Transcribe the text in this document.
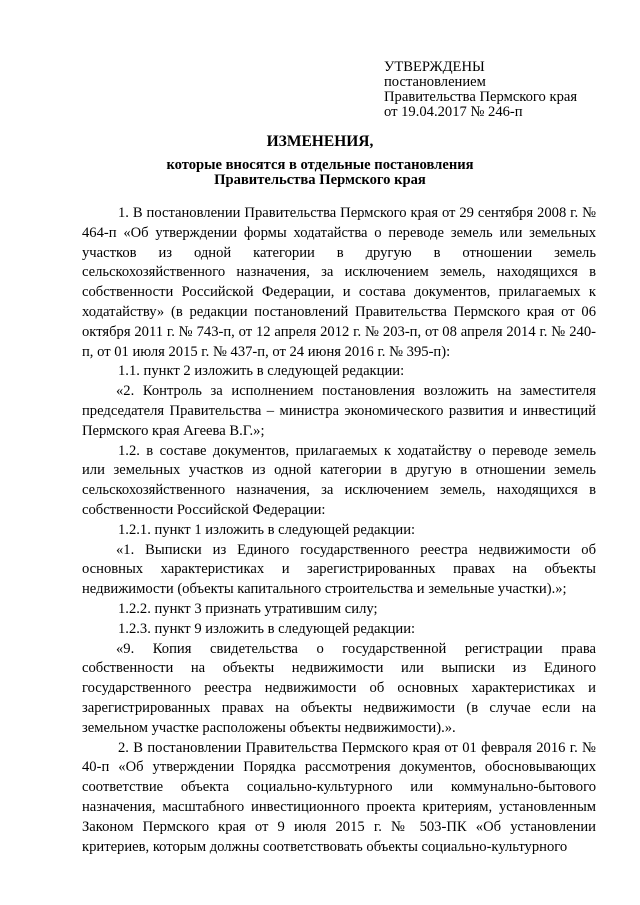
УТВЕРЖДЕНЫ
постановлением
Правительства Пермского края
от 19.04.2017 № 246-п
ИЗМЕНЕНИЯ,
которые вносятся в отдельные постановления
Правительства Пермского края

1. В постановлении Правительства Пермского края от 29 сентября 2008 г. № 464-п «Об утверждении формы ходатайства о переводе земель или земельных участков из одной категории в другую в отношении земель сельскохозяйственного назначения, за исключением земель, находящихся в собственности Российской Федерации, и состава документов, прилагаемых к ходатайству» (в редакции постановлений Правительства Пермского края от 06 октября 2011 г. № 743-п, от 12 апреля 2012 г. № 203-п, от 08 апреля 2014 г. № 240-п, от 01 июля 2015 г. № 437-п, от 24 июня 2016 г. № 395-п):

1.1. пункт 2 изложить в следующей редакции:

«2. Контроль за исполнением постановления возложить на заместителя председателя Правительства – министра экономического развития и инвестиций Пермского края Агеева В.Г.»;

1.2. в составе документов, прилагаемых к ходатайству о переводе земель или земельных участков из одной категории в другую в отношении земель сельскохозяйственного назначения, за исключением земель, находящихся в собственности Российской Федерации:

1.2.1. пункт 1 изложить в следующей редакции:

«1. Выписки из Единого государственного реестра недвижимости об основных характеристиках и зарегистрированных правах на объекты недвижимости (объекты капитального строительства и земельные участки).»;

1.2.2. пункт 3 признать утратившим силу;

1.2.3. пункт 9 изложить в следующей редакции:

«9. Копия свидетельства о государственной регистрации права собственности на объекты недвижимости или выписки из Единого государственного реестра недвижимости об основных характеристиках и зарегистрированных правах на объекты недвижимости (в случае если на земельном участке расположены объекты недвижимости).».

2. В постановлении Правительства Пермского края от 01 февраля 2016 г. № 40-п «Об утверждении Порядка рассмотрения документов, обосновывающих соответствие объекта социально-культурного или коммунально-бытового назначения, масштабного инвестиционного проекта критериям, установленным Законом Пермского края от 9 июля 2015 г. № 503-ПК «Об установлении критериев, которым должны соответствовать объекты социально-культурного
